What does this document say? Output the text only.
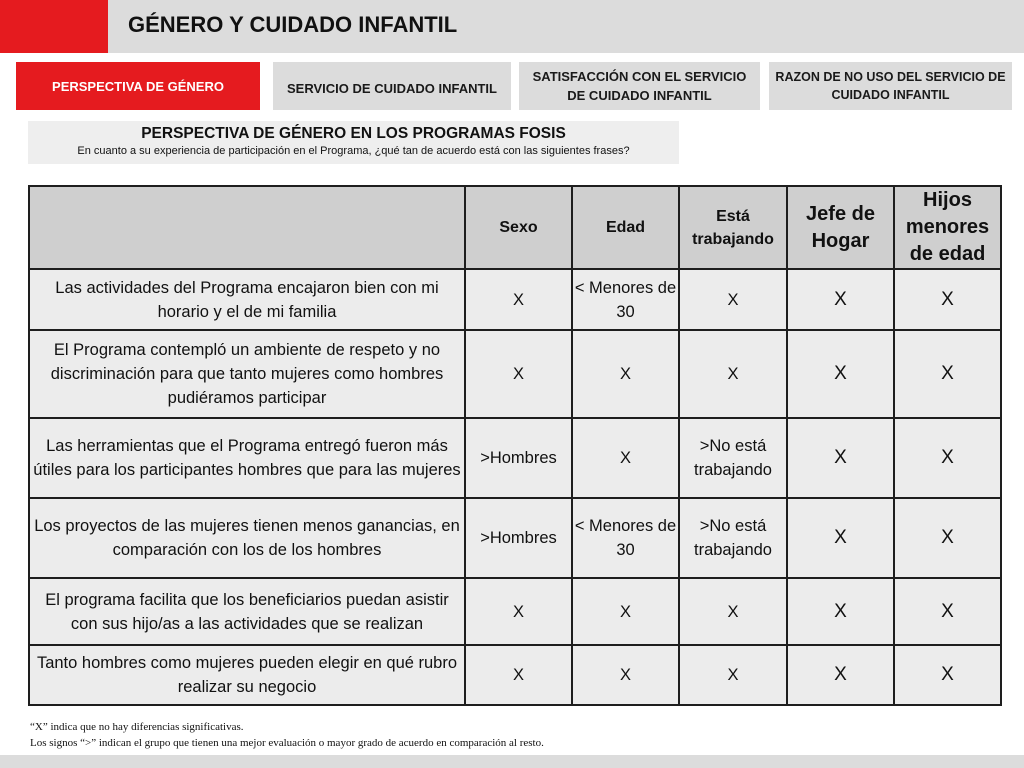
GÉNERO Y CUIDADO INFANTIL
PERSPECTIVA DE GÉNERO	SERVICIO DE CUIDADO INFANTIL
SATISFACCIÓN CON EL SERVICIO DE CUIDADO INFANTIL
RAZON DE NO USO DEL SERVICIO DE CUIDADO INFANTIL
PERSPECTIVA DE GÉNERO EN LOS PROGRAMAS FOSIS
En cuanto a su experiencia de participación en el Programa, ¿qué tan de acuerdo está con las siguientes frases?
	Sexo	Edad	Está trabajando	Jefe de Hogar	Hijos menores de edad
Las actividades del Programa encajaron bien con mi horario y el de mi familia	X	< Menores de 30	X	X	X
El Programa contempló un ambiente de respeto y no discriminación para que tanto mujeres como hombres pudiéramos participar	X	X	X	X	X
Las herramientas que el Programa entregó fueron más útiles para los participantes hombres que para las mujeres	>Hombres	X	>No está trabajando	X	X
Los proyectos de las mujeres tienen menos ganancias, en comparación con los de los hombres	>Hombres	< Menores de 30	>No está trabajando	X	X
El programa facilita que los beneficiarios puedan asistir con sus hijo/as a las actividades que se realizan	X	X	X	X	X
Tanto hombres como mujeres pueden elegir en qué rubro realizar su negocio	X	X	X	X	X
“X” indica que no hay diferencias significativas.
Los signos “>” indican el grupo que tienen una mejor evaluación o mayor grado de acuerdo en comparación al resto.
